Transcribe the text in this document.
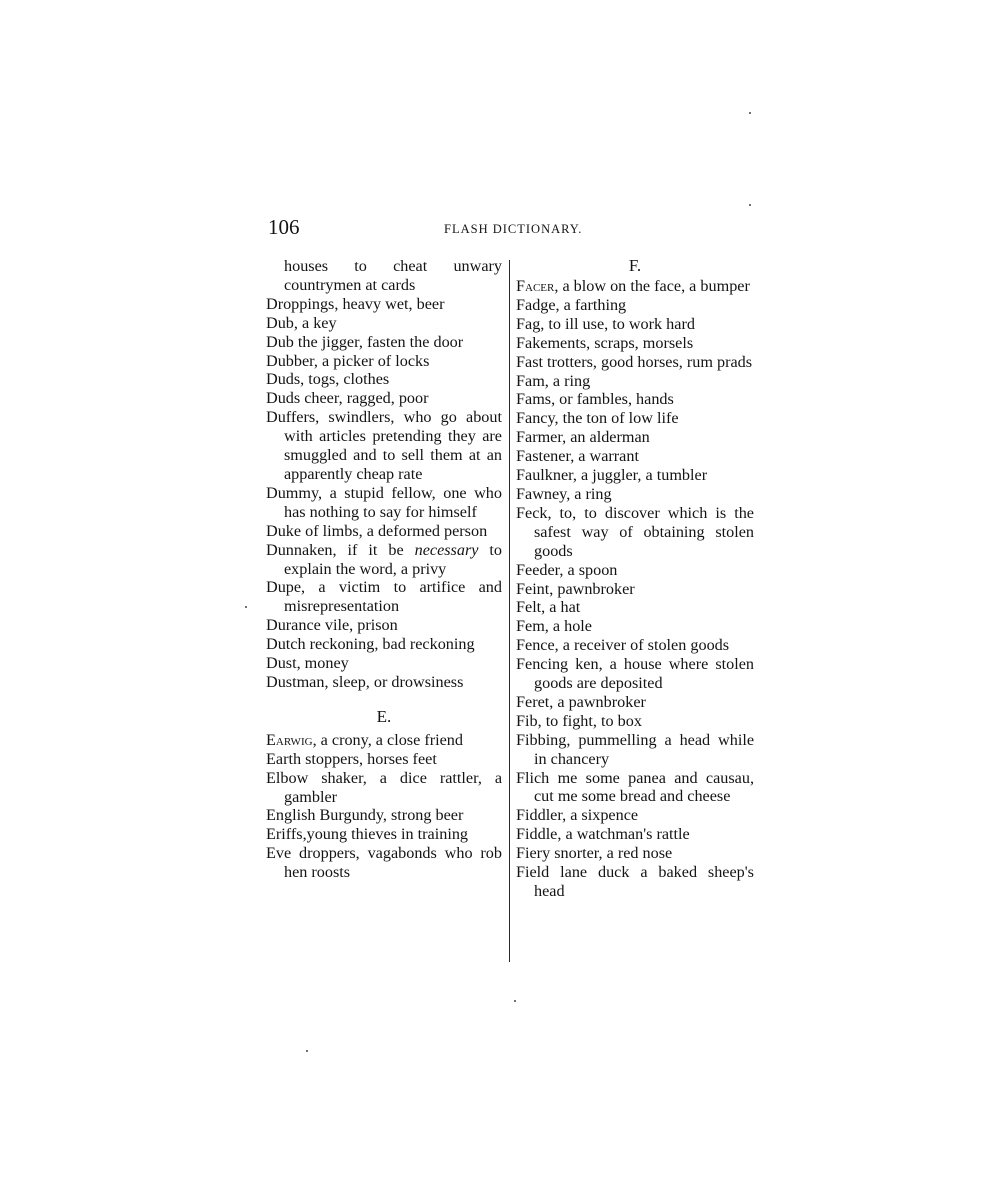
106	FLASH DICTIONARY.

houses to cheat unwary countrymen at cards

Droppings, heavy wet, beer

Dub, a key

Dub the jigger, fasten the door

Dubber, a picker of locks

Duds, togs, clothes

Duds cheer, ragged, poor

Duffers, swindlers, who go about with articles pretending they are smuggled and to sell them at an apparently cheap rate

Dummy, a stupid fellow, one who has nothing to say for himself

Duke of limbs, a deformed person

Dunnaken, if it be necessary to explain the word, a privy

Dupe, a victim to artifice and misrepresentation

Durance vile, prison

Dutch reckoning, bad reckoning

Dust, money

Dustman, sleep, or drowsiness

E.

Earwig, a crony, a close friend

Earth stoppers, horses feet

Elbow shaker, a dice rattler, a gambler

English Burgundy, strong beer

Eriffs,young thieves in training

Eve droppers, vagabonds who rob hen roosts

F.

Facer, a blow on the face, a bumper

Fadge, a farthing

Fag, to ill use, to work hard

Fakements, scraps, morsels

Fast trotters, good horses, rum prads

Fam, a ring

Fams, or fambles, hands

Fancy, the ton of low life

Farmer, an alderman

Fastener, a warrant

Faulkner, a juggler, a tumbler

Fawney, a ring

Feck, to, to discover which is the safest way of obtaining stolen goods

Feeder, a spoon

Feint, pawnbroker

Felt, a hat

Fem, a hole

Fence, a receiver of stolen goods

Fencing ken, a house where stolen goods are deposited

Feret, a pawnbroker

Fib, to fight, to box

Fibbing, pummelling a head while in chancery

Flich me some panea and causau, cut me some bread and cheese

Fiddler, a sixpence

Fiddle, a watchman's rattle

Fiery snorter, a red nose

Field lane duck a baked sheep's head
